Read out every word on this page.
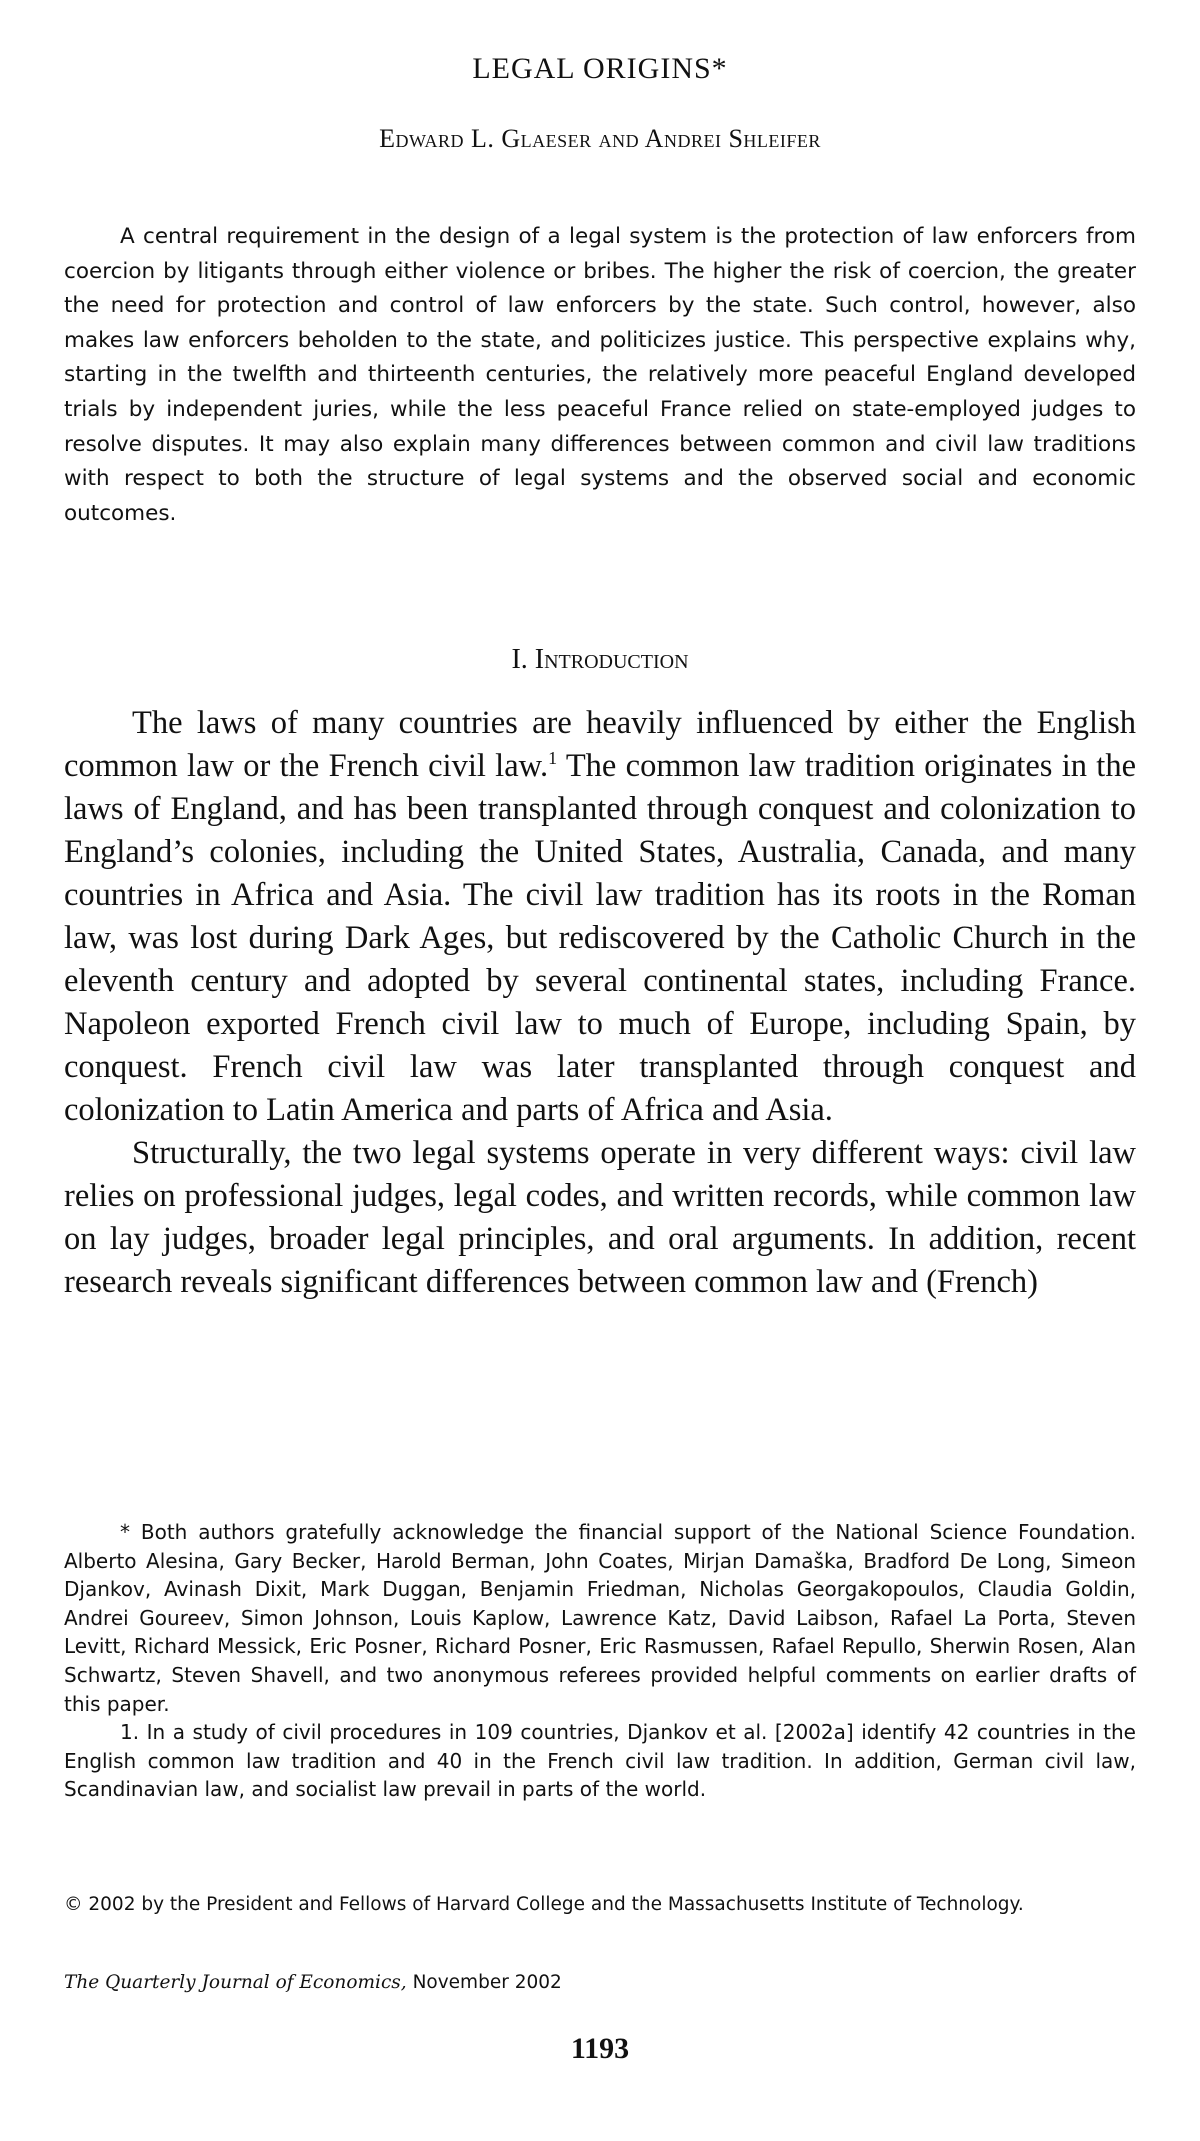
LEGAL ORIGINS*
Edward L. Glaeser and Andrei Shleifer

A central requirement in the design of a legal system is the protection of law enforcers from coercion by litigants through either violence or bribes. The higher the risk of coercion, the greater the need for protection and control of law enforcers by the state. Such control, however, also makes law enforcers beholden to the state, and politicizes justice. This perspective explains why, starting in the twelfth and thirteenth centuries, the relatively more peaceful England developed trials by independent juries, while the less peaceful France relied on state-employed judges to resolve disputes. It may also explain many differences between common and civil law traditions with respect to both the structure of legal systems and the observed social and economic outcomes.

I. Introduction

The laws of many countries are heavily influenced by either the English common law or the French civil law.$^1$ The common law tradition originates in the laws of England, and has been transplanted through conquest and colonization to England’s colonies, including the United States, Australia, Canada, and many countries in Africa and Asia. The civil law tradition has its roots in the Roman law, was lost during Dark Ages, but rediscovered by the Catholic Church in the eleventh century and adopted by several continental states, including France. Napoleon exported French civil law to much of Europe, including Spain, by conquest. French civil law was later transplanted through conquest and colonization to Latin America and parts of Africa and Asia.

Structurally, the two legal systems operate in very different ways: civil law relies on professional judges, legal codes, and written records, while common law on lay judges, broader legal principles, and oral arguments. In addition, recent research reveals significant differences between common law and (French)

* Both authors gratefully acknowledge the financial support of the National Science Foundation. Alberto Alesina, Gary Becker, Harold Berman, John Coates, Mirjan Damaška, Bradford De Long, Simeon Djankov, Avinash Dixit, Mark Duggan, Benjamin Friedman, Nicholas Georgakopoulos, Claudia Goldin, Andrei Goureev, Simon Johnson, Louis Kaplow, Lawrence Katz, David Laibson, Rafael La Porta, Steven Levitt, Richard Messick, Eric Posner, Richard Posner, Eric Rasmussen, Rafael Repullo, Sherwin Rosen, Alan Schwartz, Steven Shavell, and two anonymous referees provided helpful comments on earlier drafts of this paper.

1. In a study of civil procedures in 109 countries, Djankov et al. [2002a] identify 42 countries in the English common law tradition and 40 in the French civil law tradition. In addition, German civil law, Scandinavian law, and socialist law prevail in parts of the world.

© 2002 by the President and Fellows of Harvard College and the Massachusetts Institute of Technology.
The Quarterly Journal of Economics, November 2002
1193
